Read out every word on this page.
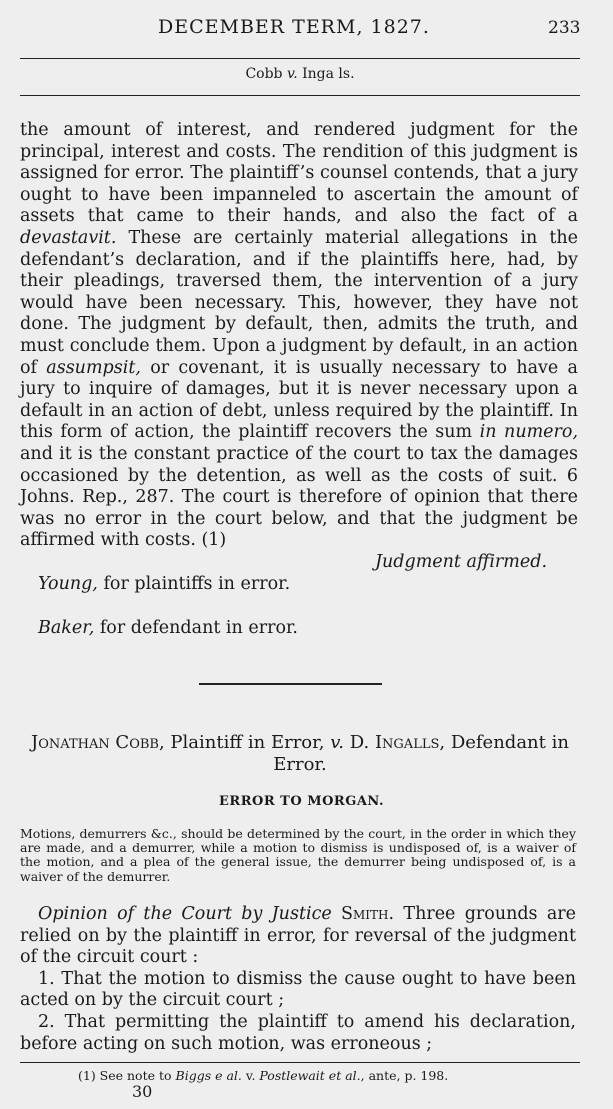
DECEMBER TERM, 1827.	233
Cobb v. Inga ls.

the amount of interest, and rendered judgment for the principal, interest and costs. The rendition of this judgment is assigned for error. The plaintiff’s counsel contends, that a jury ought to have been impanneled to ascertain the amount of assets that came to their hands, and also the fact of a devastavit. These are certainly material allegations in the defendant’s declaration, and if the plaintiffs here, had, by their pleadings, traversed them, the intervention of a jury would have been necessary. This, however, they have not done. The judgment by default, then, admits the truth, and must conclude them. Upon a judgment by default, in an action of assumpsit, or covenant, it is usually necessary to have a jury to inquire of damages, but it is never necessary upon a default in an action of debt, unless required by the plaintiff. In this form of action, the plaintiff recovers the sum in numero, and it is the constant practice of the court to tax the damages occasioned by the detention, as well as the costs of suit. 6 Johns. Rep., 287. The court is therefore of opinion that there was no error in the court below, and that the judgment be affirmed with costs. (1)

Judgment affirmed.
Young, for plaintiffs in error.
Baker, for defendant in error.
Jonathan Cobb, Plaintiff in Error, v. D. Ingalls, Defendant in Error.
ERROR TO MORGAN.
Motions, demurrers &c., should be determined by the court, in the order in which they are made, and a demurrer, while a motion to dismiss is undisposed of, is a waiver of the motion, and a plea of the general issue, the demurrer being undisposed of, is a waiver of the demurrer.

Opinion of the Court by Justice Smith. Three grounds are relied on by the plaintiff in error, for reversal of the judgment of the circuit court :

1. That the motion to dismiss the cause ought to have been acted on by the circuit court ;

2. That permitting the plaintiff to amend his declaration, before acting on such motion, was erroneous ;

(1) See note to Biggs e al. v. Postlewait et al., ante, p. 198.
30
